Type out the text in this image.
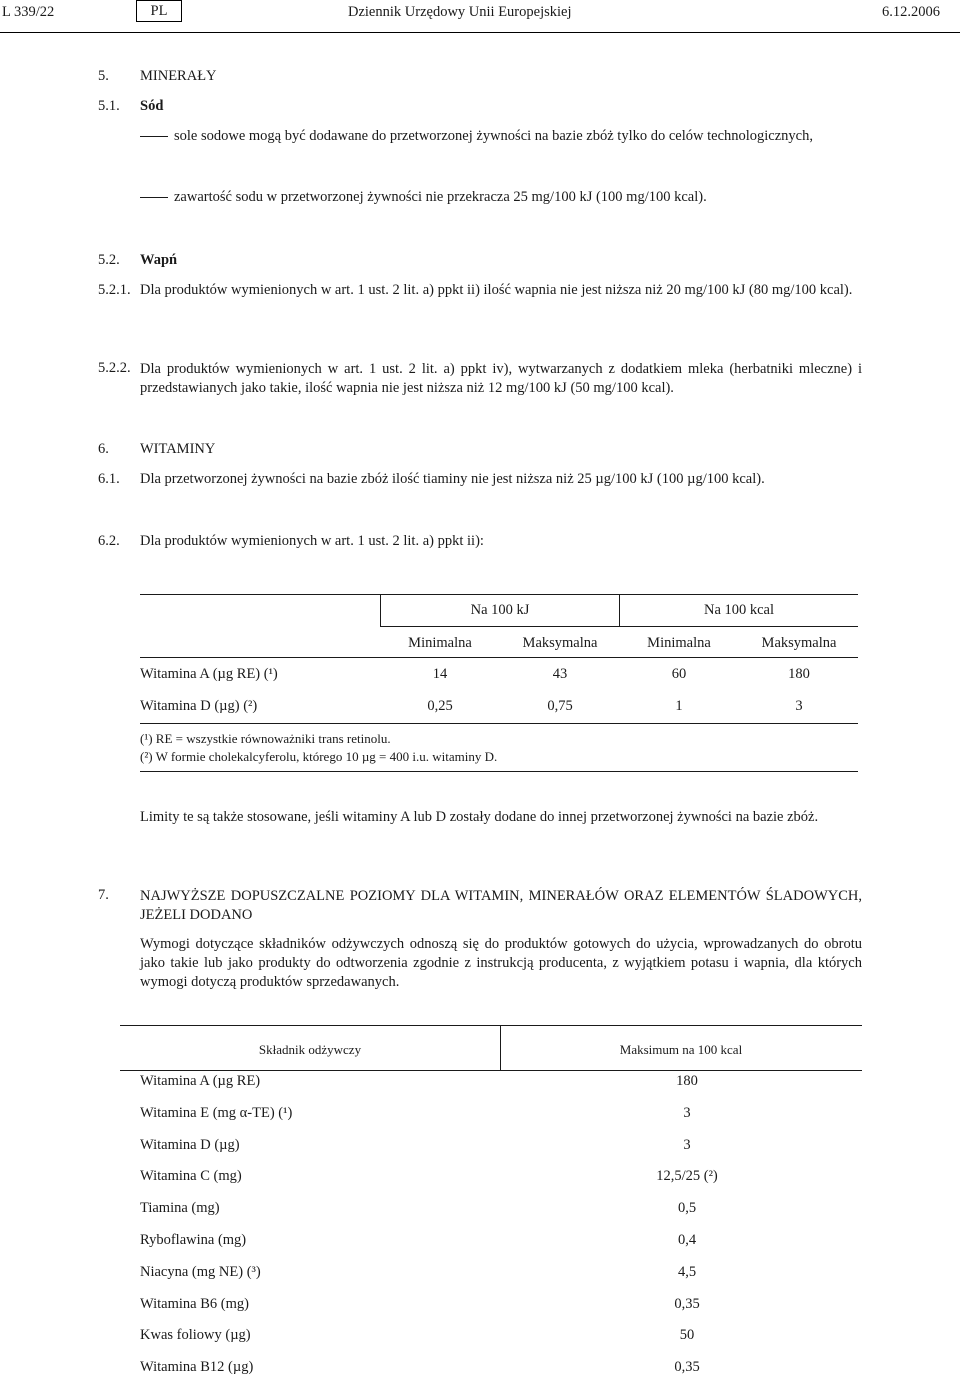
L 339/22	PL	Dziennik Urzędowy Unii Europejskiej	6.12.2006
5. MINERAŁY
5.1. Sód
sole sodowe mogą być dodawane do przetworzonej żywności na bazie zbóż tylko do celów technologicznych,
zawartość sodu w przetworzonej żywności nie przekracza 25 mg/100 kJ (100 mg/100 kcal).
5.2. Wapń
5.2.1. Dla produktów wymienionych w art. 1 ust. 2 lit. a) ppkt ii) ilość wapnia nie jest niższa niż 20 mg/100 kJ (80 mg/100 kcal).
5.2.2. Dla produktów wymienionych w art. 1 ust. 2 lit. a) ppkt iv), wytwarzanych z dodatkiem mleka (herbatniki mleczne) i przedstawianych jako takie, ilość wapnia nie jest niższa niż 12 mg/100 kJ (50 mg/100 kcal).
6. WITAMINY
6.1. Dla przetworzonej żywności na bazie zbóż ilość tiaminy nie jest niższa niż 25 µg/100 kJ (100 µg/100 kcal).
6.2. Dla produktów wymienionych w art. 1 ust. 2 lit. a) ppkt ii):
Na 100 kJ	Na 100 kcal
Minimalna	Maksymalna	Minimalna	Maksymalna
Witamina A (µg RE) (¹)	14	43	60	180
Witamina D (µg) (²)	0,25	0,75	1	3
(¹) RE = wszystkie równoważniki trans retinolu.
(²) W formie cholekalcyferolu, którego 10 µg = 400 i.u. witaminy D.
Limity te są także stosowane, jeśli witaminy A lub D zostały dodane do innej przetworzonej żywności na bazie zbóż.
7. NAJWYŻSZE DOPUSZCZALNE POZIOMY DLA WITAMIN, MINERAŁÓW ORAZ ELEMENTÓW ŚLADOWYCH, JEŻELI DODANO
Wymogi dotyczące składników odżywczych odnoszą się do produktów gotowych do użycia, wprowadzanych do obrotu jako takie lub jako produkty do odtworzenia zgodnie z instrukcją producenta, z wyjątkiem potasu i wapnia, dla których wymogi dotyczą produktów sprzedawanych.
Składnik odżywczy	Maksimum na 100 kcal
Witamina A (µg RE)	180
Witamina E (mg α-TE) (¹)	3
Witamina D (µg)	3
Witamina C (mg)	12,5/25 (²)
Tiamina (mg)	0,5
Ryboflawina (mg)	0,4
Niacyna (mg NE) (³)	4,5
Witamina B6 (mg)	0,35
Kwas foliowy (µg)	50
Witamina B12 (µg)	0,35
